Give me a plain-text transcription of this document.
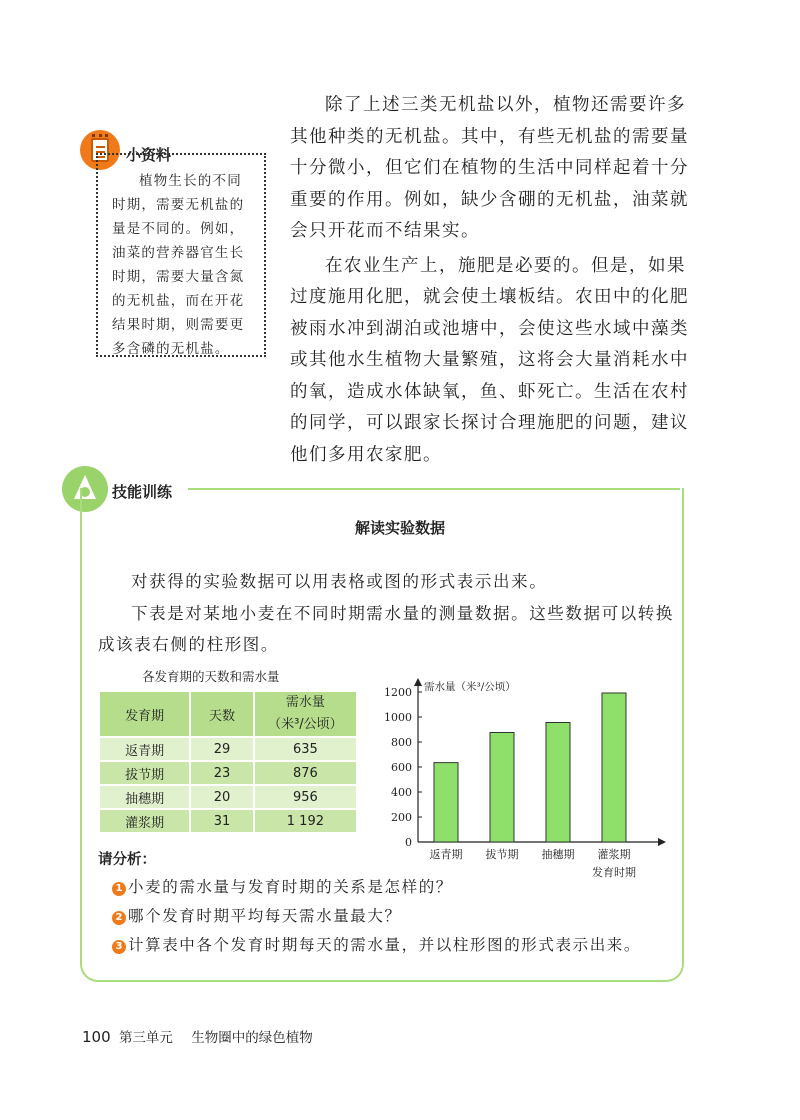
小资料

植物生长的不同时期，需要无机盐的量是不同的。例如，油菜的营养器官生长时期，需要大量含氮的无机盐，而在开花结果时期，则需要更多含磷的无机盐。

除了上述三类无机盐以外，植物还需要许多其他种类的无机盐。其中，有些无机盐的需要量十分微小，但它们在植物的生活中同样起着十分重要的作用。例如，缺少含硼的无机盐，油菜就会只开花而不结果实。

在农业生产上，施肥是必要的。但是，如果过度施用化肥，就会使土壤板结。农田中的化肥被雨水冲到湖泊或池塘中，会使这些水域中藻类或其他水生植物大量繁殖，这将会大量消耗水中的氧，造成水体缺氧，鱼、虾死亡。生活在农村的同学，可以跟家长探讨合理施肥的问题，建议他们多用农家肥。

技能训练
解读实验数据

对获得的实验数据可以用表格或图的形式表示出来。

下表是对某地小麦在不同时期需水量的测量数据。这些数据可以转换成该表右侧的柱形图。

各发育期的天数和需水量
发育期	天数	需水量
（米³/公顷）

返青期	29	635
拔节期	23	876
抽穗期	20	956
灌浆期	31	1 192
0
200
400
600
800
1000
1200 需水量（米³/公顷）
返青期 拔节期 抽穗期 灌浆期
发育时期
请分析：
1 小麦的需水量与发育时期的关系是怎样的？
2 哪个发育时期平均每天需水量最大？
3 计算表中各个发育时期每天的需水量，并以柱形图的形式表示出来。
100 第三单元 生物圈中的绿色植物
